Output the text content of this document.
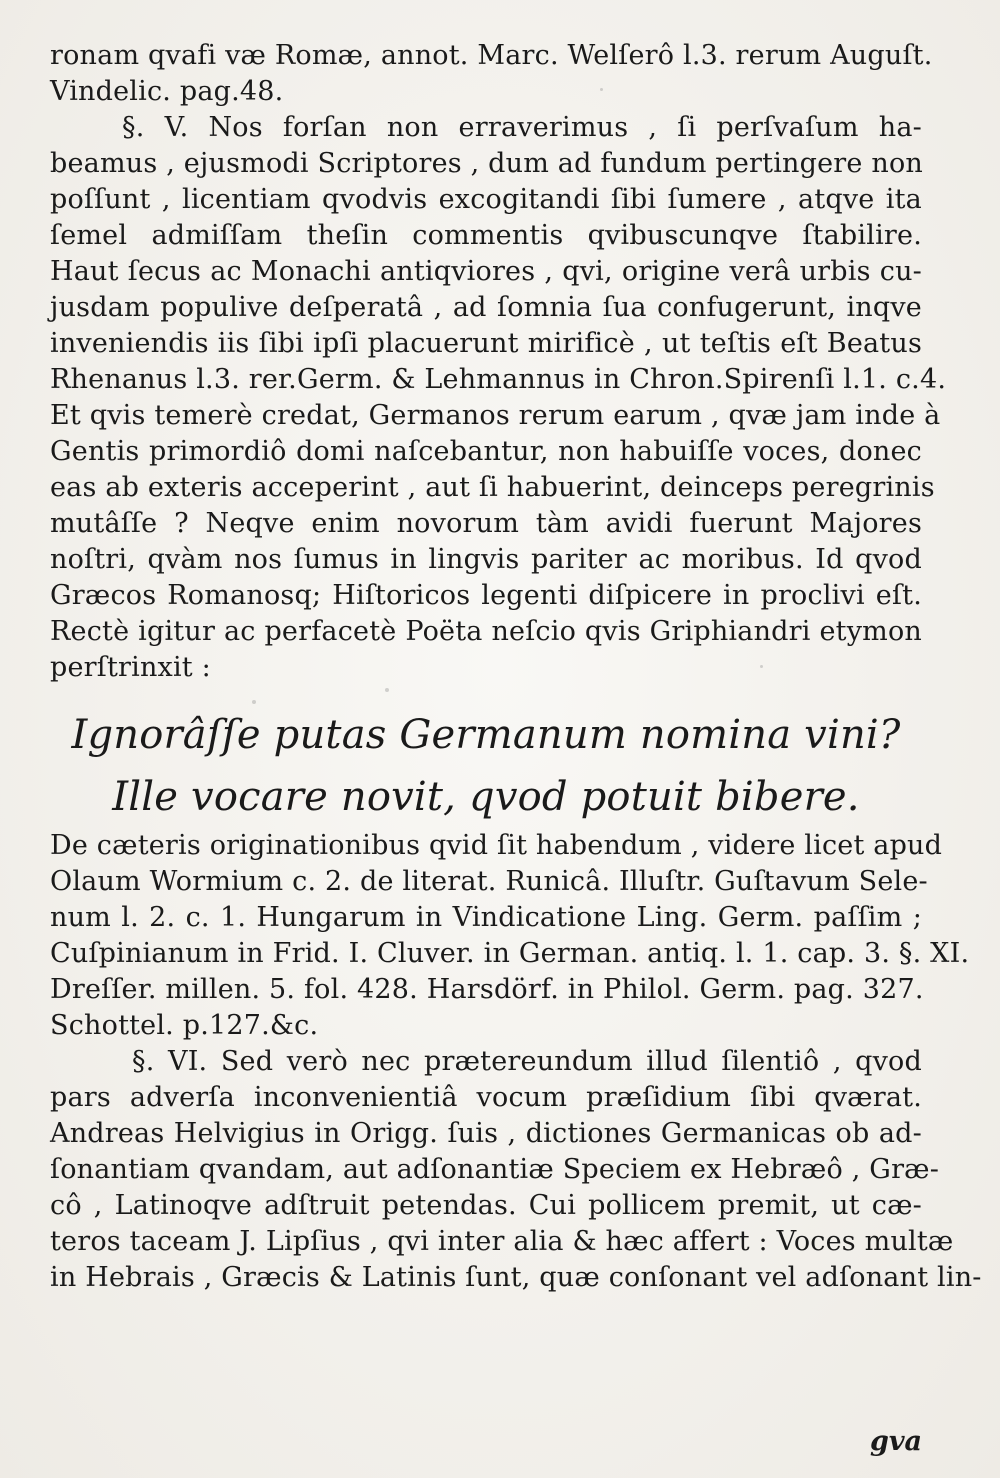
ronam qvafi væ Romæ, annot. Marc. Welſerô l.3. rerum Auguſt.
Vindelic. pag.48.
§. V. Nos forſan non erraverimus , ſi perſvaſum ha-
beamus , ejusmodi Scriptores , dum ad fundum pertingere non
poſſunt , licentiam qvodvis excogitandi ſibi ſumere , atqve ita
ſemel admiſſam theſin commentis qvibuscunqve ſtabilire.
Haut ſecus ac Monachi antiqviores , qvi, origine verâ urbis cu-
jusdam populive deſperatâ , ad ſomnia ſua confugerunt, inqve
inveniendis iis ſibi ipſi placuerunt mirificè , ut teſtis eſt Beatus
Rhenanus l.3. rer.Germ. & Lehmannus in Chron.Spirenſi l.1. c.4.
Et qvis temerè credat, Germanos rerum earum , qvæ jam inde à
Gentis primordiô domi naſcebantur, non habuiſſe voces, donec
eas ab exteris acceperint , aut ſi habuerint, deinceps peregrinis
mutâſſe ? Neqve enim novorum tàm avidi fuerunt Majores
noſtri, qvàm nos ſumus in lingvis pariter ac moribus. Id qvod
Græcos Romanosq; Hiſtoricos legenti diſpicere in proclivi eſt.
Rectè igitur ac perfacetè Poëta neſcio qvis Griphiandri etymon
perſtrinxit :
Ignorâſſe putas Germanum nomina vini?
Ille vocare novit, qvod potuit bibere.
De cæteris originationibus qvid ſit habendum , videre licet apud
Olaum Wormium c. 2. de literat. Runicâ. Illuſtr. Guſtavum Sele-
num l. 2. c. 1. Hungarum in Vindicatione Ling. Germ. paſſim ;
Cuſpinianum in Frid. I. Cluver. in German. antiq. l. 1. cap. 3. §. XI.
Dreſſer. millen. 5. fol. 428. Harsdörf. in Philol. Germ. pag. 327.
Schottel. p.127.&c.
§. VI. Sed verò nec prætereundum illud ſilentiô , qvod
pars adverſa inconvenientiâ vocum præſidium ſibi qværat.
Andreas Helvigius in Origg. ſuis , dictiones Germanicas ob ad-
ſonantiam qvandam, aut adſonantiæ Speciem ex Hebræô , Græ-
cô , Latinoqve adſtruit petendas. Cui pollicem premit, ut cæ-
teros taceam J. Lipſius , qvi inter alia & hæc affert : Voces multæ
in Hebrais , Græcis & Latinis ſunt, quæ conſonant vel adſonant lin-
gva
